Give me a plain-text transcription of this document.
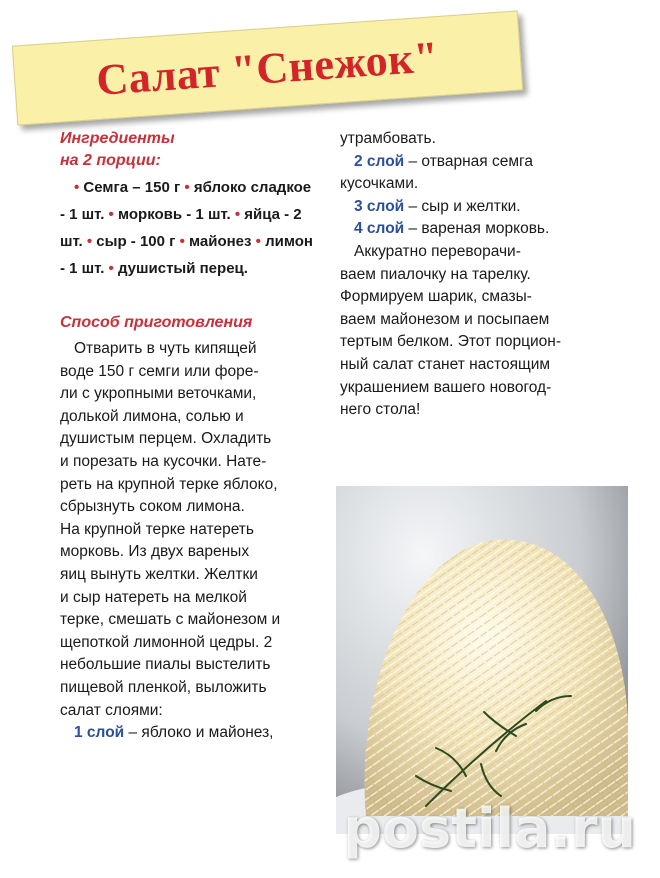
Салат "Снежок"
Ингредиенты
на 2 порции:
• Семга – 150 г • яблоко сладкое - 1 шт. • морковь - 1 шт. • яйца - 2 шт. • сыр - 100 г • майонез • лимон - 1 шт. • душистый перец.
Способ приготовления

Отварить в чуть кипящей

воде 150 г семги или форе-

ли с укропными веточками,

долькой лимона, солью и

душистым перцем. Охладить

и порезать на кусочки. Нате-

реть на крупной терке яблоко,

сбрызнуть соком лимона.

На крупной терке натереть

морковь. Из двух вареных

яиц вынуть желтки. Желтки

и сыр натереть на мелкой

терке, смешать с майонезом и

щепоткой лимонной цедры. 2

небольшие пиалы выстелить

пищевой пленкой, выложить

салат слоями:

1 слой – яблоко и майонез,

утрамбовать.

2 слой – отварная семга

кусочками.

3 слой – сыр и желтки.

4 слой – вареная морковь.

Аккуратно переворачи-

ваем пиалочку на тарелку.

Формируем шарик, смазы-

ваем майонезом и посыпаем

тертым белком. Этот порцион-

ный салат станет настоящим

украшением вашего новогод-

него стола!

postila.ru
